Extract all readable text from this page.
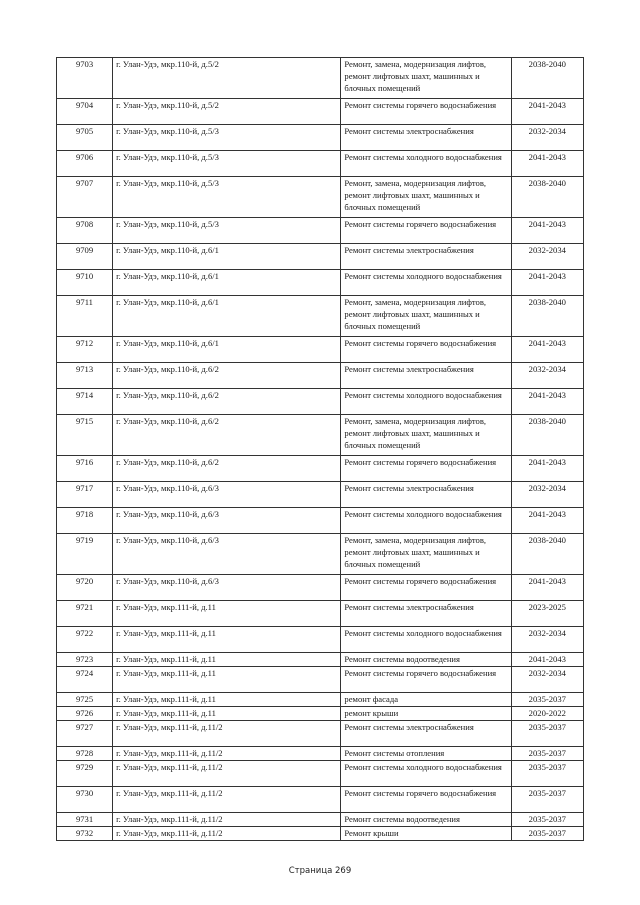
9703	г. Улан-Удэ, мкр.110-й, д.5/2	Ремонт, замена, модернизация лифтов, ремонт лифтовых шахт, машинных и блочных помещений	2038-2040
9704	г. Улан-Удэ, мкр.110-й, д.5/2	Ремонт системы горячего водоснабжения	2041-2043
9705	г. Улан-Удэ, мкр.110-й, д.5/3	Ремонт системы электроснабжения	2032-2034
9706	г. Улан-Удэ, мкр.110-й, д.5/3	Ремонт системы холодного водоснабжения	2041-2043
9707	г. Улан-Удэ, мкр.110-й, д.5/3	Ремонт, замена, модернизация лифтов, ремонт лифтовых шахт, машинных и блочных помещений	2038-2040
9708	г. Улан-Удэ, мкр.110-й, д.5/3	Ремонт системы горячего водоснабжения	2041-2043
9709	г. Улан-Удэ, мкр.110-й, д.6/1	Ремонт системы электроснабжения	2032-2034
9710	г. Улан-Удэ, мкр.110-й, д.6/1	Ремонт системы холодного водоснабжения	2041-2043
9711	г. Улан-Удэ, мкр.110-й, д.6/1	Ремонт, замена, модернизация лифтов, ремонт лифтовых шахт, машинных и блочных помещений	2038-2040
9712	г. Улан-Удэ, мкр.110-й, д.6/1	Ремонт системы горячего водоснабжения	2041-2043
9713	г. Улан-Удэ, мкр.110-й, д.6/2	Ремонт системы электроснабжения	2032-2034
9714	г. Улан-Удэ, мкр.110-й, д.6/2	Ремонт системы холодного водоснабжения	2041-2043
9715	г. Улан-Удэ, мкр.110-й, д.6/2	Ремонт, замена, модернизация лифтов, ремонт лифтовых шахт, машинных и блочных помещений	2038-2040
9716	г. Улан-Удэ, мкр.110-й, д.6/2	Ремонт системы горячего водоснабжения	2041-2043
9717	г. Улан-Удэ, мкр.110-й, д.6/3	Ремонт системы электроснабжения	2032-2034
9718	г. Улан-Удэ, мкр.110-й, д.6/3	Ремонт системы холодного водоснабжения	2041-2043
9719	г. Улан-Удэ, мкр.110-й, д.6/3	Ремонт, замена, модернизация лифтов, ремонт лифтовых шахт, машинных и блочных помещений	2038-2040
9720	г. Улан-Удэ, мкр.110-й, д.6/3	Ремонт системы горячего водоснабжения	2041-2043
9721	г. Улан-Удэ, мкр.111-й, д.11	Ремонт системы электроснабжения	2023-2025
9722	г. Улан-Удэ, мкр.111-й, д.11	Ремонт системы холодного водоснабжения	2032-2034
9723	г. Улан-Удэ, мкр.111-й, д.11	Ремонт системы водоотведения	2041-2043
9724	г. Улан-Удэ, мкр.111-й, д.11	Ремонт системы горячего водоснабжения	2032-2034
9725	г. Улан-Удэ, мкр.111-й, д.11	ремонт фасада	2035-2037
9726	г. Улан-Удэ, мкр.111-й, д.11	ремонт крыши	2020-2022
9727	г. Улан-Удэ, мкр.111-й, д.11/2	Ремонт системы электроснабжения	2035-2037
9728	г. Улан-Удэ, мкр.111-й, д.11/2	Ремонт системы отопления	2035-2037
9729	г. Улан-Удэ, мкр.111-й, д.11/2	Ремонт системы холодного водоснабжения	2035-2037
9730	г. Улан-Удэ, мкр.111-й, д.11/2	Ремонт системы горячего водоснабжения	2035-2037
9731	г. Улан-Удэ, мкр.111-й, д.11/2	Ремонт системы водоотведения	2035-2037
9732	г. Улан-Удэ, мкр.111-й, д.11/2	Ремонт крыши	2035-2037
Страница 269
